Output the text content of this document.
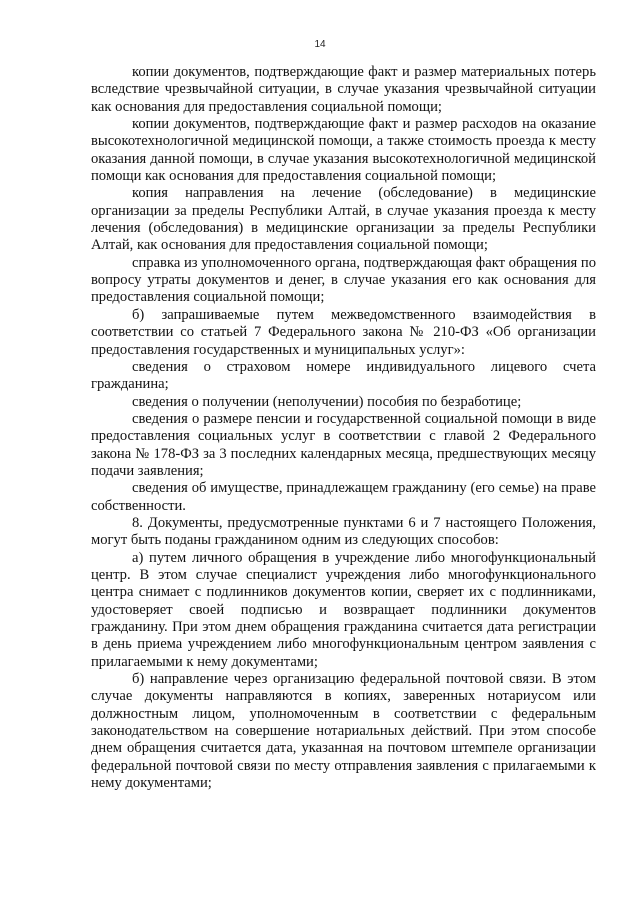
14

копии документов, подтверждающие факт и размер материальных потерь вследствие чрезвычайной ситуации, в случае указания чрезвычайной ситуации как основания для предоставления социальной помощи;

копии документов, подтверждающие факт и размер расходов на оказание высокотехнологичной медицинской помощи, а также стоимость проезда к месту оказания данной помощи, в случае указания высокотехнологичной медицинской помощи как основания для предоставления социальной помощи;

копия направления на лечение (обследование) в медицинские организации за пределы Республики Алтай, в случае указания проезда к месту лечения (обследования) в медицинские организации за пределы Республики Алтай, как основания для предоставления социальной помощи;

справка из уполномоченного органа, подтверждающая факт обращения по вопросу утраты документов и денег, в случае указания его как основания для предоставления социальной помощи;

б) запрашиваемые путем межведомственного взаимодействия в соответствии со статьей 7 Федерального закона № 210-ФЗ «Об организации предоставления государственных и муниципальных услуг»:

сведения о страховом номере индивидуального лицевого счета гражданина;

сведения о получении (неполучении) пособия по безработице;

сведения о размере пенсии и государственной социальной помощи в виде предоставления социальных услуг в соответствии с главой 2 Федерального закона № 178-ФЗ за 3 последних календарных месяца, предшествующих месяцу подачи заявления;

сведения об имуществе, принадлежащем гражданину (его семье) на праве собственности.

8. Документы, предусмотренные пунктами 6 и 7 настоящего Положения, могут быть поданы гражданином одним из следующих способов:

а) путем личного обращения в учреждение либо многофункциональный центр. В этом случае специалист учреждения либо многофункционального центра снимает с подлинников документов копии, сверяет их с подлинниками, удостоверяет своей подписью и возвращает подлинники документов гражданину. При этом днем обращения гражданина считается дата регистрации в день приема учреждением либо многофункциональным центром заявления с прилагаемыми к нему документами;

б) направление через организацию федеральной почтовой связи. В этом случае документы направляются в копиях, заверенных нотариусом или должностным лицом, уполномоченным в соответствии с федеральным законодательством на совершение нотариальных действий. При этом способе днем обращения считается дата, указанная на почтовом штемпеле организации федеральной почтовой связи по месту отправления заявления с прилагаемыми к нему документами;
